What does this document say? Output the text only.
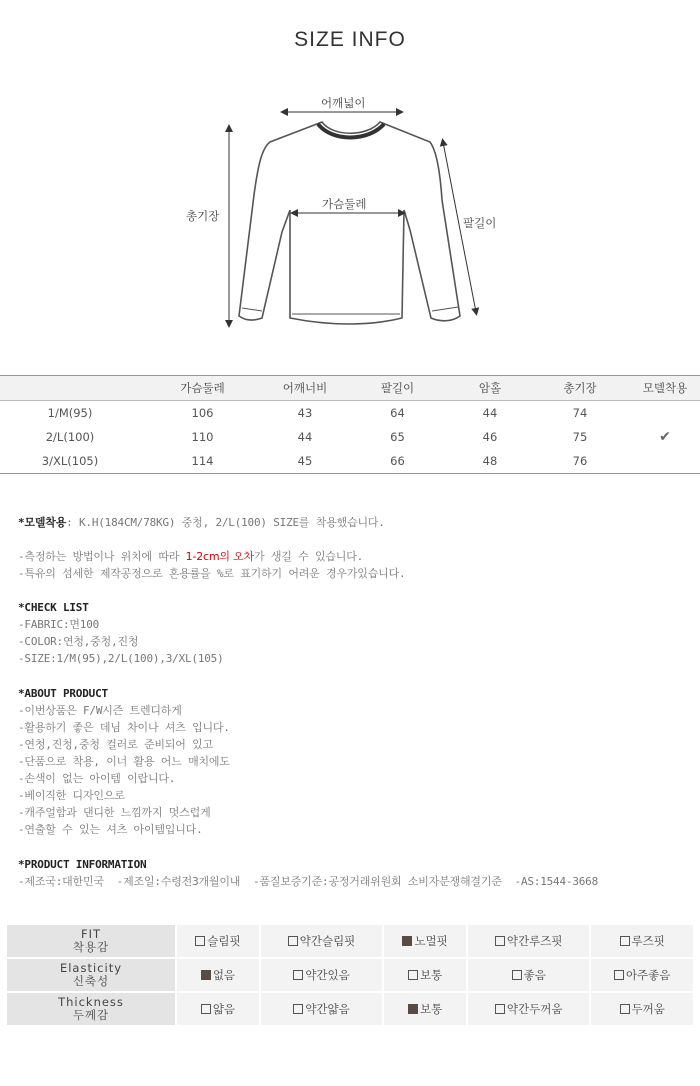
SIZE INFO
어깨넓이
가슴둘레
총기장	팔길이
	가슴둘레	어깨너비	팔길이	암홀	총기장	모델착용
1/M(95)	106	43	64	44	74	
2/L(100)	110	44	65	46	75	✔
3/XL(105)	114	45	66	48	76	

*모델착용: K.H(184CM/78KG) 중청, 2/L(100) SIZE를 착용했습니다.

-측정하는 방법이나 위치에 따라 1-2cm의 오차가 생길 수 있습니다.

-특유의 섬세한 제작공정으로 혼용률을 %로 표기하기 어려운 경우가있습니다.

*CHECK LIST

-FABRIC:면100

-COLOR:연청,중청,진청

-SIZE:1/M(95),2/L(100),3/XL(105)

*ABOUT PRODUCT

-이번상품은 F/W시즌 트렌디하게

-활용하기 좋은 데님 차이나 셔츠 입니다.

-연청,진청,중청 컬러로 준비되어 있고

-단품으로 착용, 이너 활용 어느 매치에도

-손색이 없는 아이템 이랍니다.

-베이직한 디자인으로

-캐주얼함과 댄디한 느낌까지 멋스럽게

-연출할 수 있는 셔츠 아이템입니다.

*PRODUCT INFORMATION

-제조국:대한민국  -제조일:수령전3개월이내  -품질보증기준:공정거래위원회 소비자분쟁해결기준  -AS:1544-3668

FIT
착용감	슬림핏	약간슬림핏	노멀핏	약간루즈핏	루즈핏

Elasticity
신축성	없음	약간있음	보통	좋음	아주좋음

Thickness
두께감	얇음	약간얇음	보통	약간두꺼움	두꺼움
